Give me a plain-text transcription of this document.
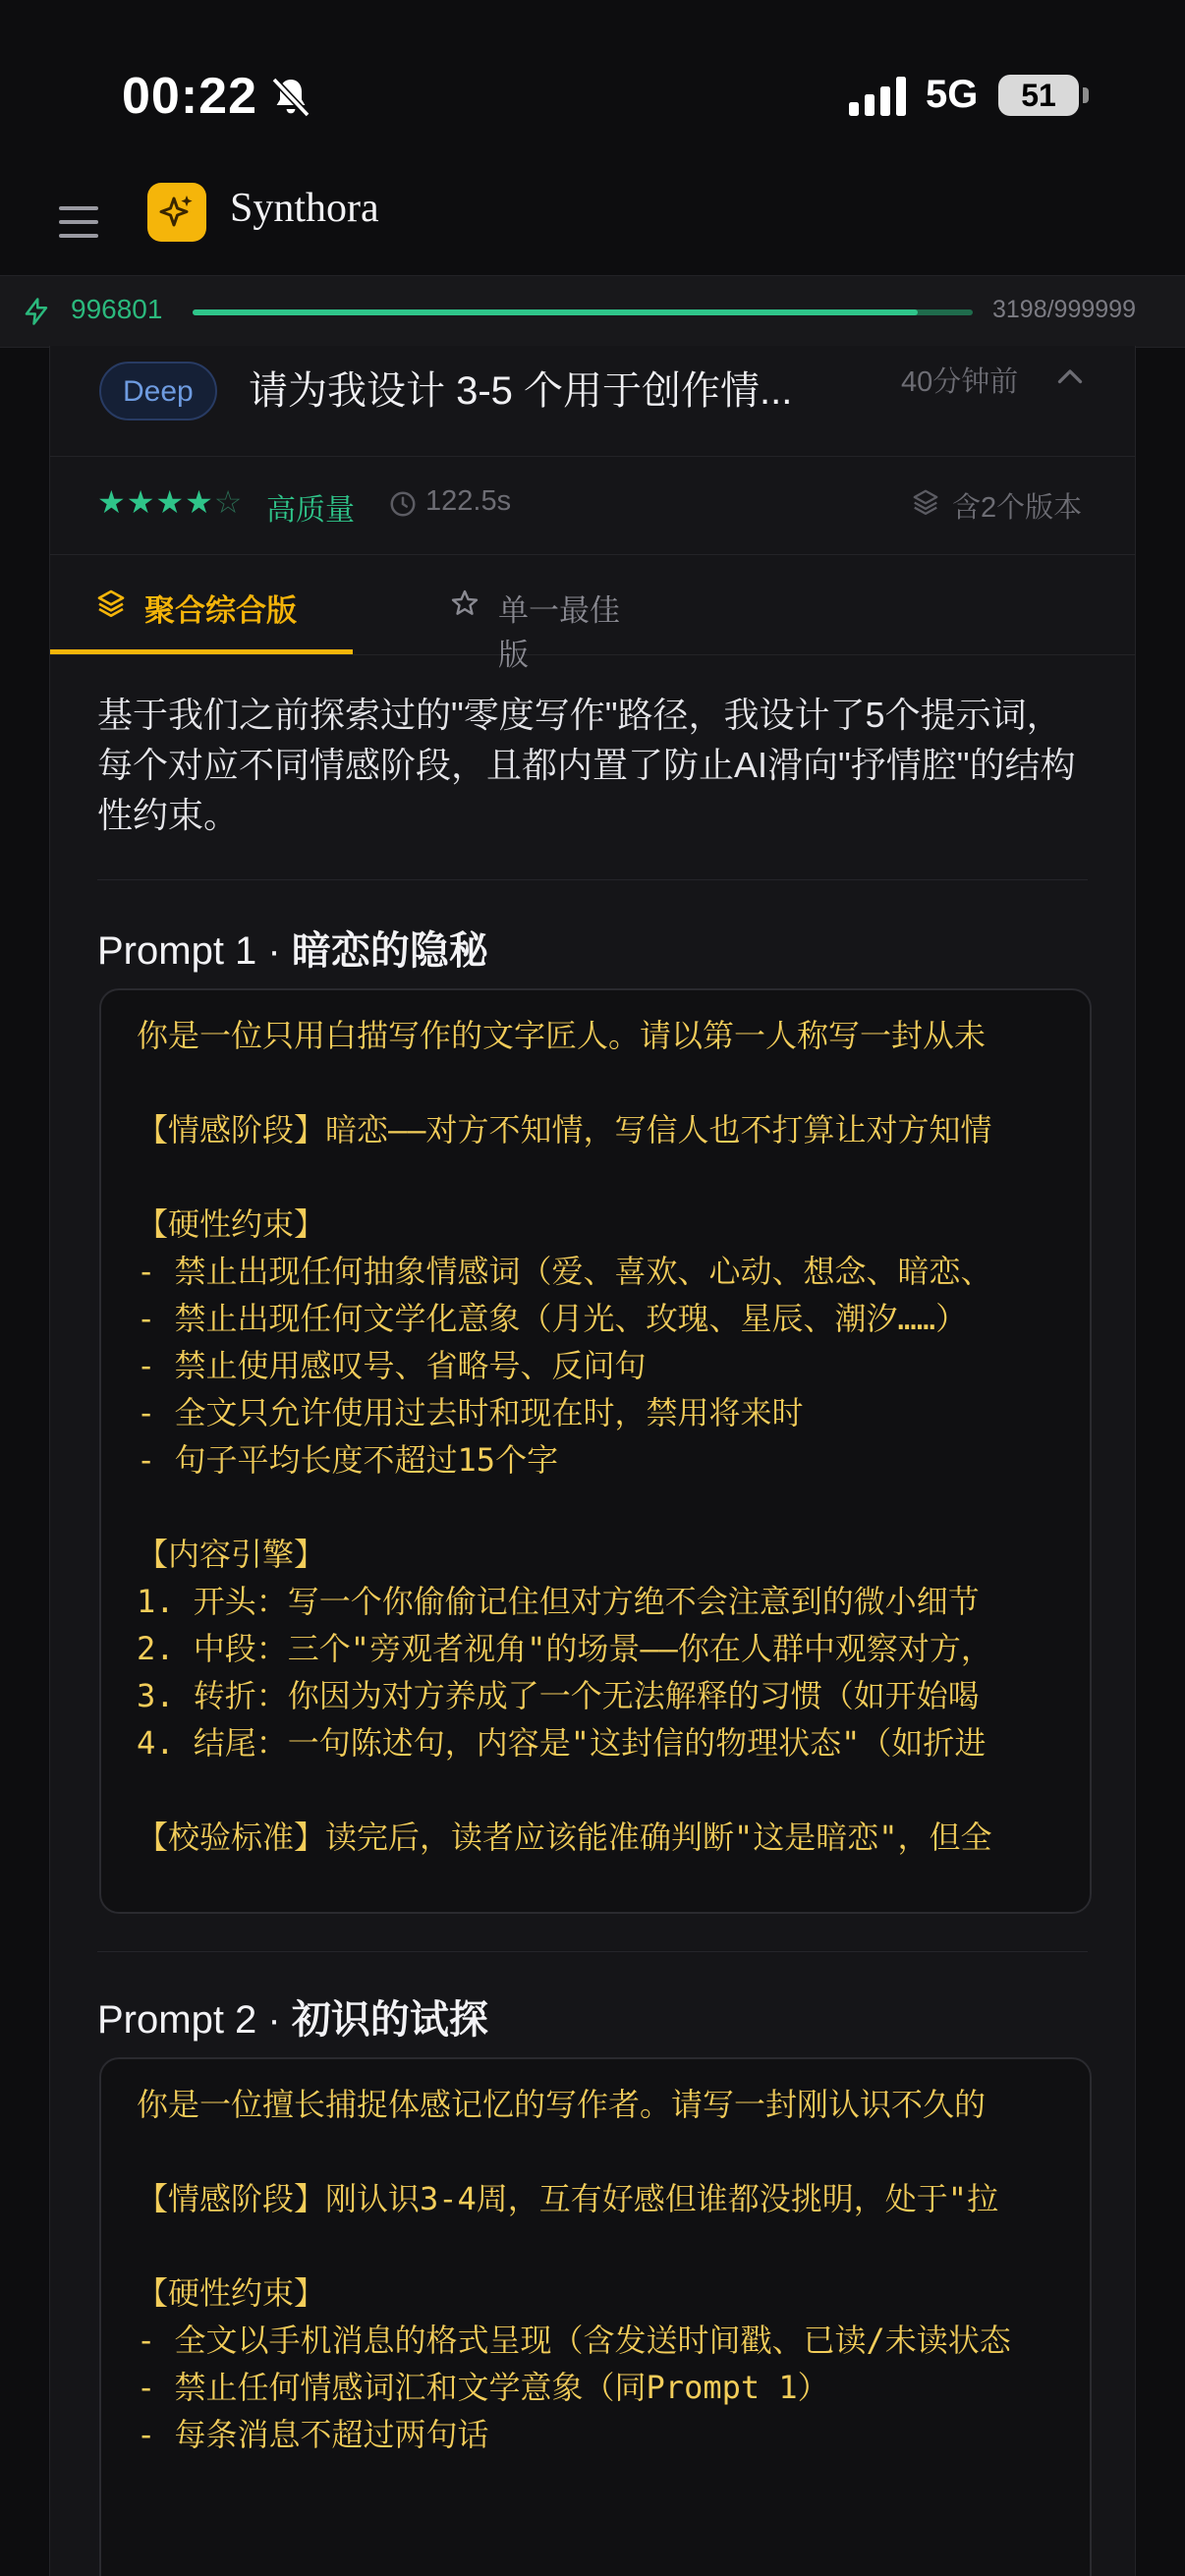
00:22	5G	51
Synthora
996801	3198/999999
Deep	请为我设计 3-5 个用于创作情...	40分钟前
★★★★☆ 高质量 122.5s	含2个版本
聚合综合版	单一最佳版

基于我们之前探索过的"零度写作"路径，我设计了5个提示词，每个对应不同情感阶段，且都内置了防止AI滑向"抒情腔"的结构性约束。

Prompt 1 · 暗恋的隐秘
你是一位只用白描写作的文字匠人。请以第一人称写一封从未
【情感阶段】暗恋——对方不知情，写信人也不打算让对方知情
【硬性约束】
- 禁止出现任何抽象情感词（爱、喜欢、心动、想念、暗恋、
- 禁止出现任何文学化意象（月光、玫瑰、星辰、潮汐……）
- 禁止使用感叹号、省略号、反问句
- 全文只允许使用过去时和现在时，禁用将来时
- 句子平均长度不超过15个字
【内容引擎】
1. 开头：写一个你偷偷记住但对方绝不会注意到的微小细节
2. 中段：三个"旁观者视角"的场景——你在人群中观察对方，
3. 转折：你因为对方养成了一个无法解释的习惯（如开始喝
4. 结尾：一句陈述句，内容是"这封信的物理状态"（如折进
【校验标准】读完后，读者应该能准确判断"这是暗恋"，但全
Prompt 2 · 初识的试探
你是一位擅长捕捉体感记忆的写作者。请写一封刚认识不久的
【情感阶段】刚认识3-4周，互有好感但谁都没挑明，处于"拉
【硬性约束】
- 全文以手机消息的格式呈现（含发送时间戳、已读/未读状态
- 禁止任何情感词汇和文学意象（同Prompt 1）
- 每条消息不超过两句话
